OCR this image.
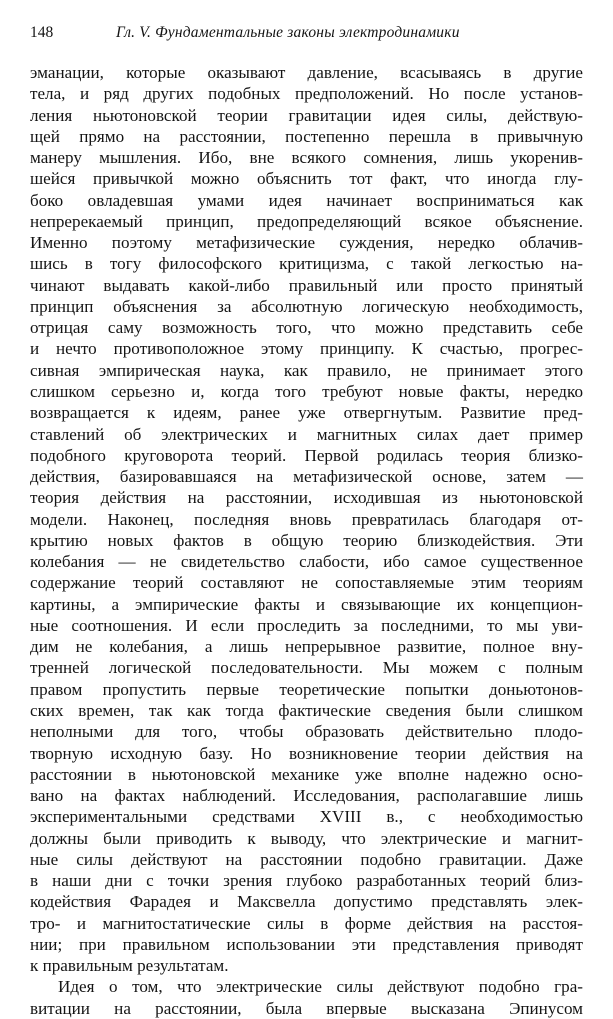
148	Гл. V. Фундаментальные законы электродинамики
эманации, которые оказывают давление, всасываясь в другие
тела, и ряд других подобных предположений. Но после установ-
ления ньютоновской теории гравитации идея силы, действую-
щей прямо на расстоянии, постепенно перешла в привычную
манеру мышления. Ибо, вне всякого сомнения, лишь укоренив-
шейся привычкой можно объяснить тот факт, что иногда глу-
боко овладевшая умами идея начинает восприниматься как
непререкаемый принцип, предопределяющий всякое объяснение.
Именно поэтому метафизические суждения, нередко облачив-
шись в тогу философского критицизма, с такой легкостью на-
чинают выдавать какой-либо правильный или просто принятый
принцип объяснения за абсолютную логическую необходимость,
отрицая саму возможность того, что можно представить себе
и нечто противоположное этому принципу. К счастью, прогрес-
сивная эмпирическая наука, как правило, не принимает этого
слишком серьезно и, когда того требуют новые факты, нередко
возвращается к идеям, ранее уже отвергнутым. Развитие пред-
ставлений об электрических и магнитных силах дает пример
подобного круговорота теорий. Первой родилась теория близко-
действия, базировавшаяся на метафизической основе, затем —
теория действия на расстоянии, исходившая из ньютоновской
модели. Наконец, последняя вновь превратилась благодаря от-
крытию новых фактов в общую теорию близкодействия. Эти
колебания — не свидетельство слабости, ибо самое существенное
содержание теорий составляют не сопоставляемые этим теориям
картины, а эмпирические факты и связывающие их концепцион-
ные соотношения. И если проследить за последними, то мы уви-
дим не колебания, а лишь непрерывное развитие, полное вну-
тренней логической последовательности. Мы можем с полным
правом пропустить первые теоретические попытки доньютонов-
ских времен, так как тогда фактические сведения были слишком
неполными для того, чтобы образовать действительно плодо-
творную исходную базу. Но возникновение теории действия на
расстоянии в ньютоновской механике уже вполне надежно осно-
вано на фактах наблюдений. Исследования, располагавшие лишь
экспериментальными средствами XVIII в., с необходимостью
должны были приводить к выводу, что электрические и магнит-
ные силы действуют на расстоянии подобно гравитации. Даже
в наши дни с точки зрения глубоко разработанных теорий близ-
кодействия Фарадея и Максвелла допустимо представлять элек-
тро- и магнитостатические силы в форме действия на расстоя-
нии; при правильном использовании эти представления приводят
к правильным результатам.
Идея о том, что электрические силы действуют подобно гра-
витации на расстоянии, была впервые высказана Эпинусом
